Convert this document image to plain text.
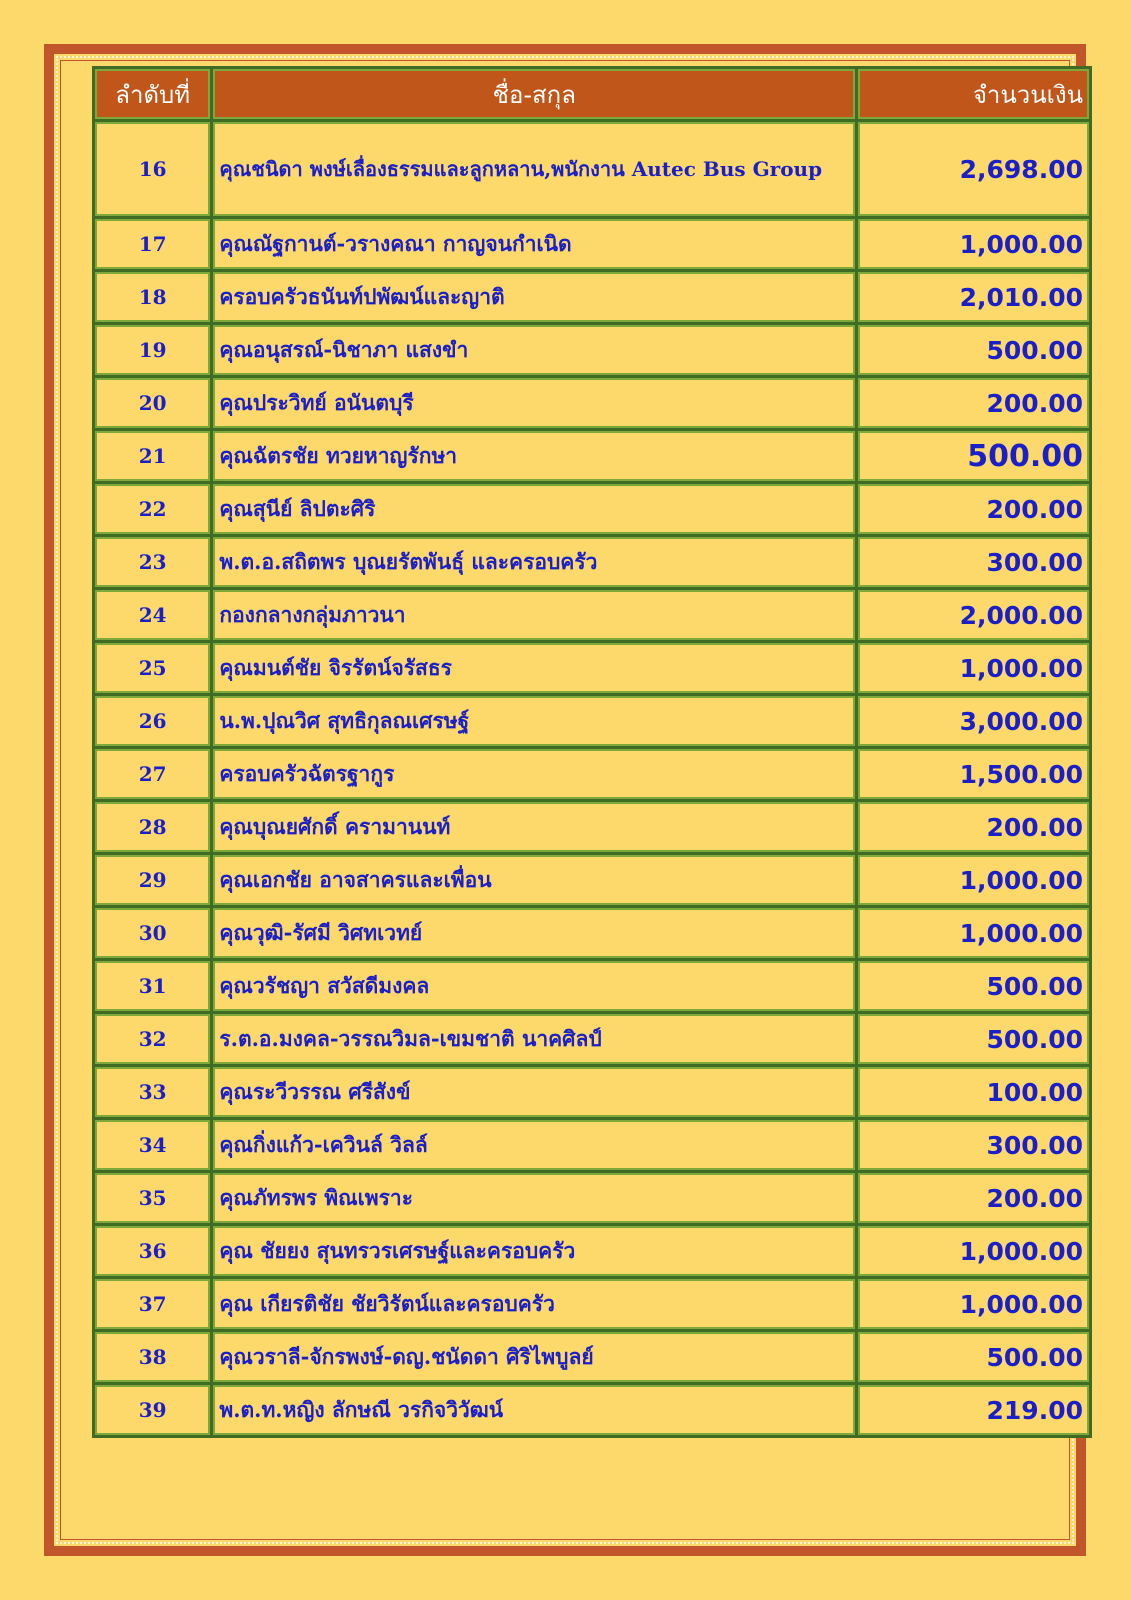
ลำดับที่	ชื่อ-สกุล	จำนวนเงิน
16	คุณชนิดา พงษ์เลื่องธรรมและลูกหลาน,พนักงาน Autec Bus Group	2,698.00
17	คุณณัฐกานต์-วรางคณา กาญจนกำเนิด	1,000.00
18	ครอบครัวธนันท์ปพัฒน์และญาติ	2,010.00
19	คุณอนุสรณ์-นิชาภา แสงขำ	500.00
20	คุณประวิทย์ อนันตบุรี	200.00
21	คุณฉัตรชัย ทวยหาญรักษา	500.00
22	คุณสุนีย์ ลิปตะศิริ	200.00
23	พ.ต.อ.สถิตพร บุณยรัตพันธุ์ และครอบครัว	300.00
24	กองกลางกลุ่มภาวนา	2,000.00
25	คุณมนต์ชัย จิรรัตน์จรัสธร	1,000.00
26	น.พ.ปุณวิศ สุทธิกุลณเศรษฐ์	3,000.00
27	ครอบครัวฉัตรฐากูร	1,500.00
28	คุณบุณยศักดิ์ ครามานนท์	200.00
29	คุณเอกชัย อาจสาครและเพื่อน	1,000.00
30	คุณวุฒิ-รัศมี วิศทเวทย์	1,000.00
31	คุณวรัชญา สวัสดีมงคล	500.00
32	ร.ต.อ.มงคล-วรรณวิมล-เขมชาติ นาคศิลป์	500.00
33	คุณระวีวรรณ ศรีสังข์	100.00
34	คุณกิ่งแก้ว-เควินล์ วิลล์	300.00
35	คุณภัทรพร พิณเพราะ	200.00
36	คุณ ชัยยง สุนทรวรเศรษฐ์และครอบครัว	1,000.00
37	คุณ เกียรติชัย ชัยวิรัตน์และครอบครัว	1,000.00
38	คุณวราลี-จักรพงษ์-ดญ.ชนัดดา ศิริไพบูลย์	500.00
39	พ.ต.ท.หญิง ลักษณี วรกิจวิวัฒน์	219.00
